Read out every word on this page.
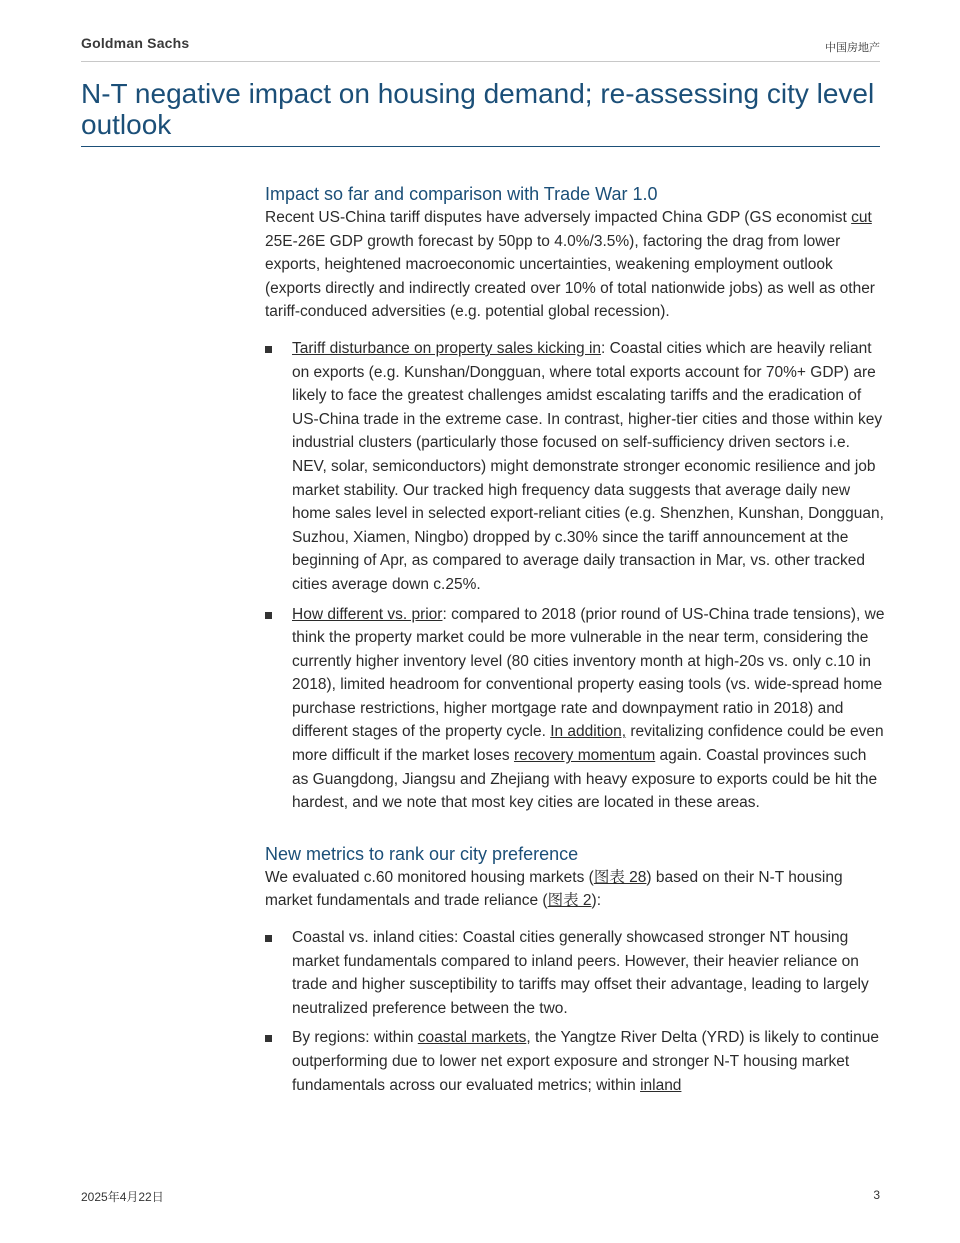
Goldman Sachs	中国房地产
N-T negative impact on housing demand; re-assessing city level outlook
Impact so far and comparison with Trade War 1.0

Recent US-China tariff disputes have adversely impacted China GDP (GS economist cut 25E-26E GDP growth forecast by 50pp to 4.0%/3.5%), factoring the drag from lower exports, heightened macroeconomic uncertainties, weakening employment outlook (exports directly and indirectly created over 10% of total nationwide jobs) as well as other tariff-conduced adversities (e.g. potential global recession).

Tariff disturbance on property sales kicking in: Coastal cities which are heavily reliant on exports (e.g. Kunshan/Dongguan, where total exports account for 70%+ GDP) are likely to face the greatest challenges amidst escalating tariffs and the eradication of US-China trade in the extreme case. In contrast, higher-tier cities and those within key industrial clusters (particularly those focused on self-sufficiency driven sectors i.e. NEV, solar, semiconductors) might demonstrate stronger economic resilience and job market stability. Our tracked high frequency data suggests that average daily new home sales level in selected export-reliant cities (e.g. Shenzhen, Kunshan, Dongguan, Suzhou, Xiamen, Ningbo) dropped by c.30% since the tariff announcement at the beginning of Apr, as compared to average daily transaction in Mar, vs. other tracked cities average down c.25%.
How different vs. prior: compared to 2018 (prior round of US-China trade tensions), we think the property market could be more vulnerable in the near term, considering the currently higher inventory level (80 cities inventory month at high-20s vs. only c.10 in 2018), limited headroom for conventional property easing tools (vs. wide-spread home purchase restrictions, higher mortgage rate and downpayment ratio in 2018) and different stages of the property cycle. In addition, revitalizing confidence could be even more difficult if the market loses recovery momentum again. Coastal provinces such as Guangdong, Jiangsu and Zhejiang with heavy exposure to exports could be hit the hardest, and we note that most key cities are located in these areas.
New metrics to rank our city preference

We evaluated c.60 monitored housing markets (图表 28) based on their N-T housing market fundamentals and trade reliance (图表 2):

Coastal vs. inland cities: Coastal cities generally showcased stronger NT housing market fundamentals compared to inland peers. However, their heavier reliance on trade and higher susceptibility to tariffs may offset their advantage, leading to largely neutralized preference between the two.
By regions: within coastal markets, the Yangtze River Delta (YRD) is likely to continue outperforming due to lower net export exposure and stronger N-T housing market fundamentals across our evaluated metrics; within inland
2025年4月22日	3
